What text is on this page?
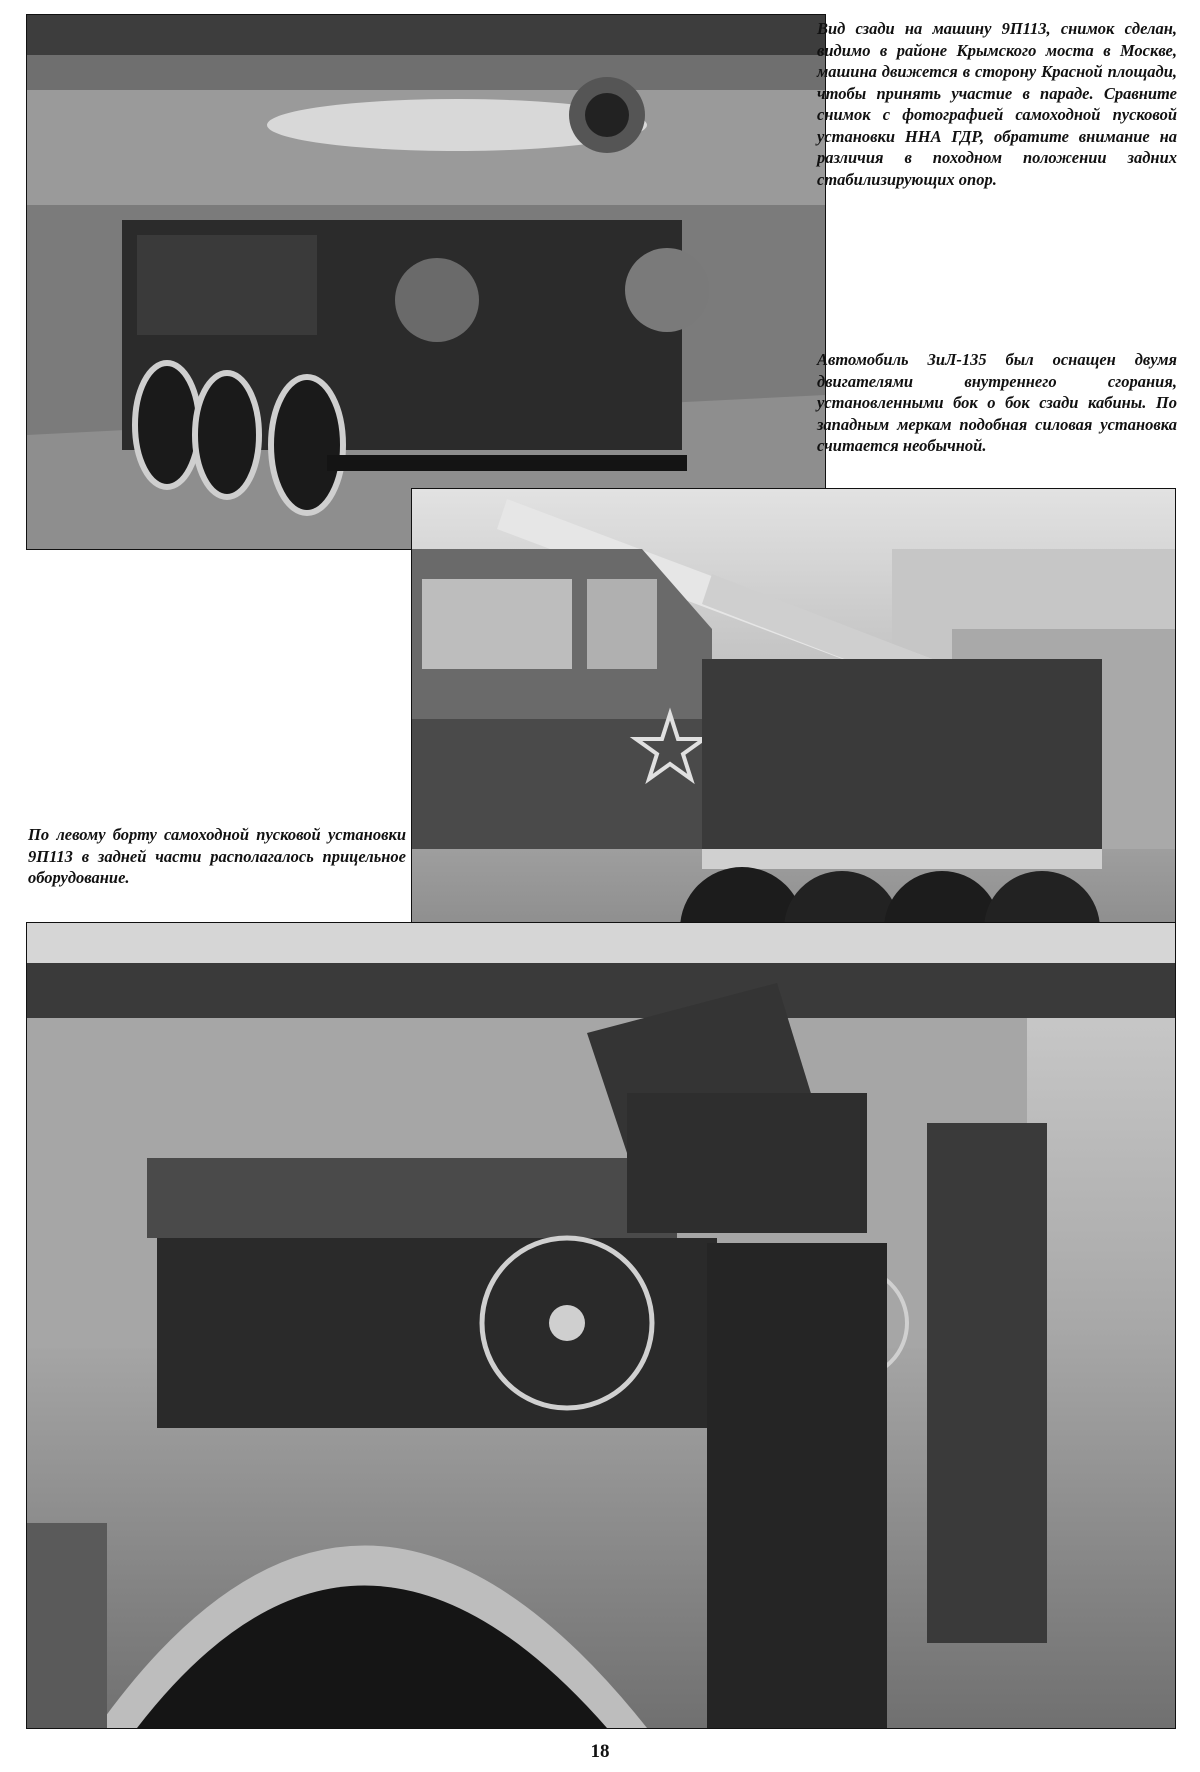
Вид сзади на машину 9П113, снимок сделан, видимо в районе Крымского моста в Москве, машина движется в сторону Красной площади, чтобы принять участие в параде. Сравните снимок с фотографией самоходной пусковой установки ННА ГДР, обратите внимание на различия в походном положении задних стабилизирующих опор.

Автомобиль ЗиЛ-135 был оснащен двумя двигателями внутреннего сгорания, установленными бок о бок сзади кабины. По западным меркам подобная силовая установка считается необычной.

По левому борту самоходной пусковой установки 9П113 в задней части располагалось прицельное оборудование.

18
